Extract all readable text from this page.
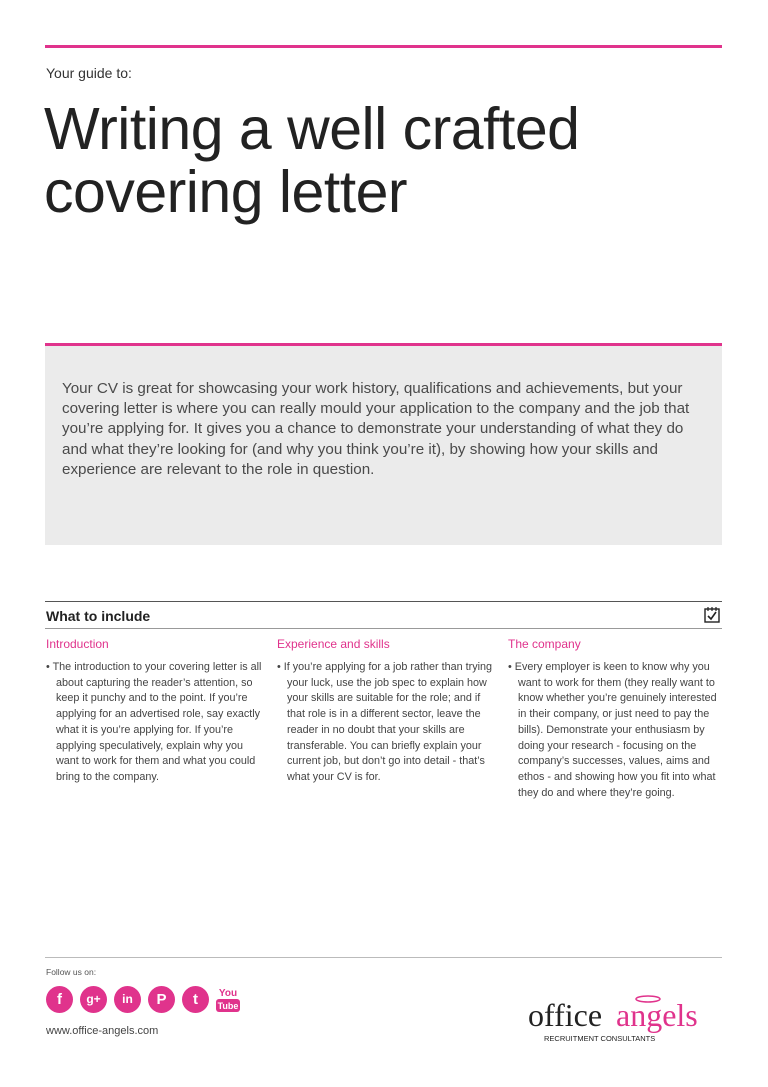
Your guide to:
Writing a well crafted
covering letter

Your CV is great for showcasing your work history, qualifications and achievements, but your covering letter is where you can really mould your application to the company and the job that you’re applying for. It gives you a chance to demonstrate your understanding of what they do and what they’re looking for (and why you think you’re it), by showing how your skills and experience are relevant to the role in question.

What to include
Introduction

• The introduction to your covering letter is all about capturing the reader’s attention, so keep it punchy and to the point. If you’re applying for an advertised role, say exactly what it is you’re applying for. If you’re applying speculatively, explain why you want to work for them and what you could bring to the company.

Experience and skills

• If you’re applying for a job rather than trying your luck, use the job spec to explain how your skills are suitable for the role; and if that role is in a different sector, leave the reader in no doubt that your skills are transferable. You can briefly explain your current job, but don’t go into detail - that’s what your CV is for.

The company

• Every employer is keen to know why you want to work for them (they really want to know whether you’re genuinely interested in their company, or just need to pay the bills). Demonstrate your enthusiasm by doing your research - focusing on the company’s successes, values, aims and ethos - and showing how you fit into what they do and where they’re going.

Follow us on:
f	g+	in	P	t	You
Tube
www.office-angels.com	office angels
RECRUITMENT CONSULTANTS
